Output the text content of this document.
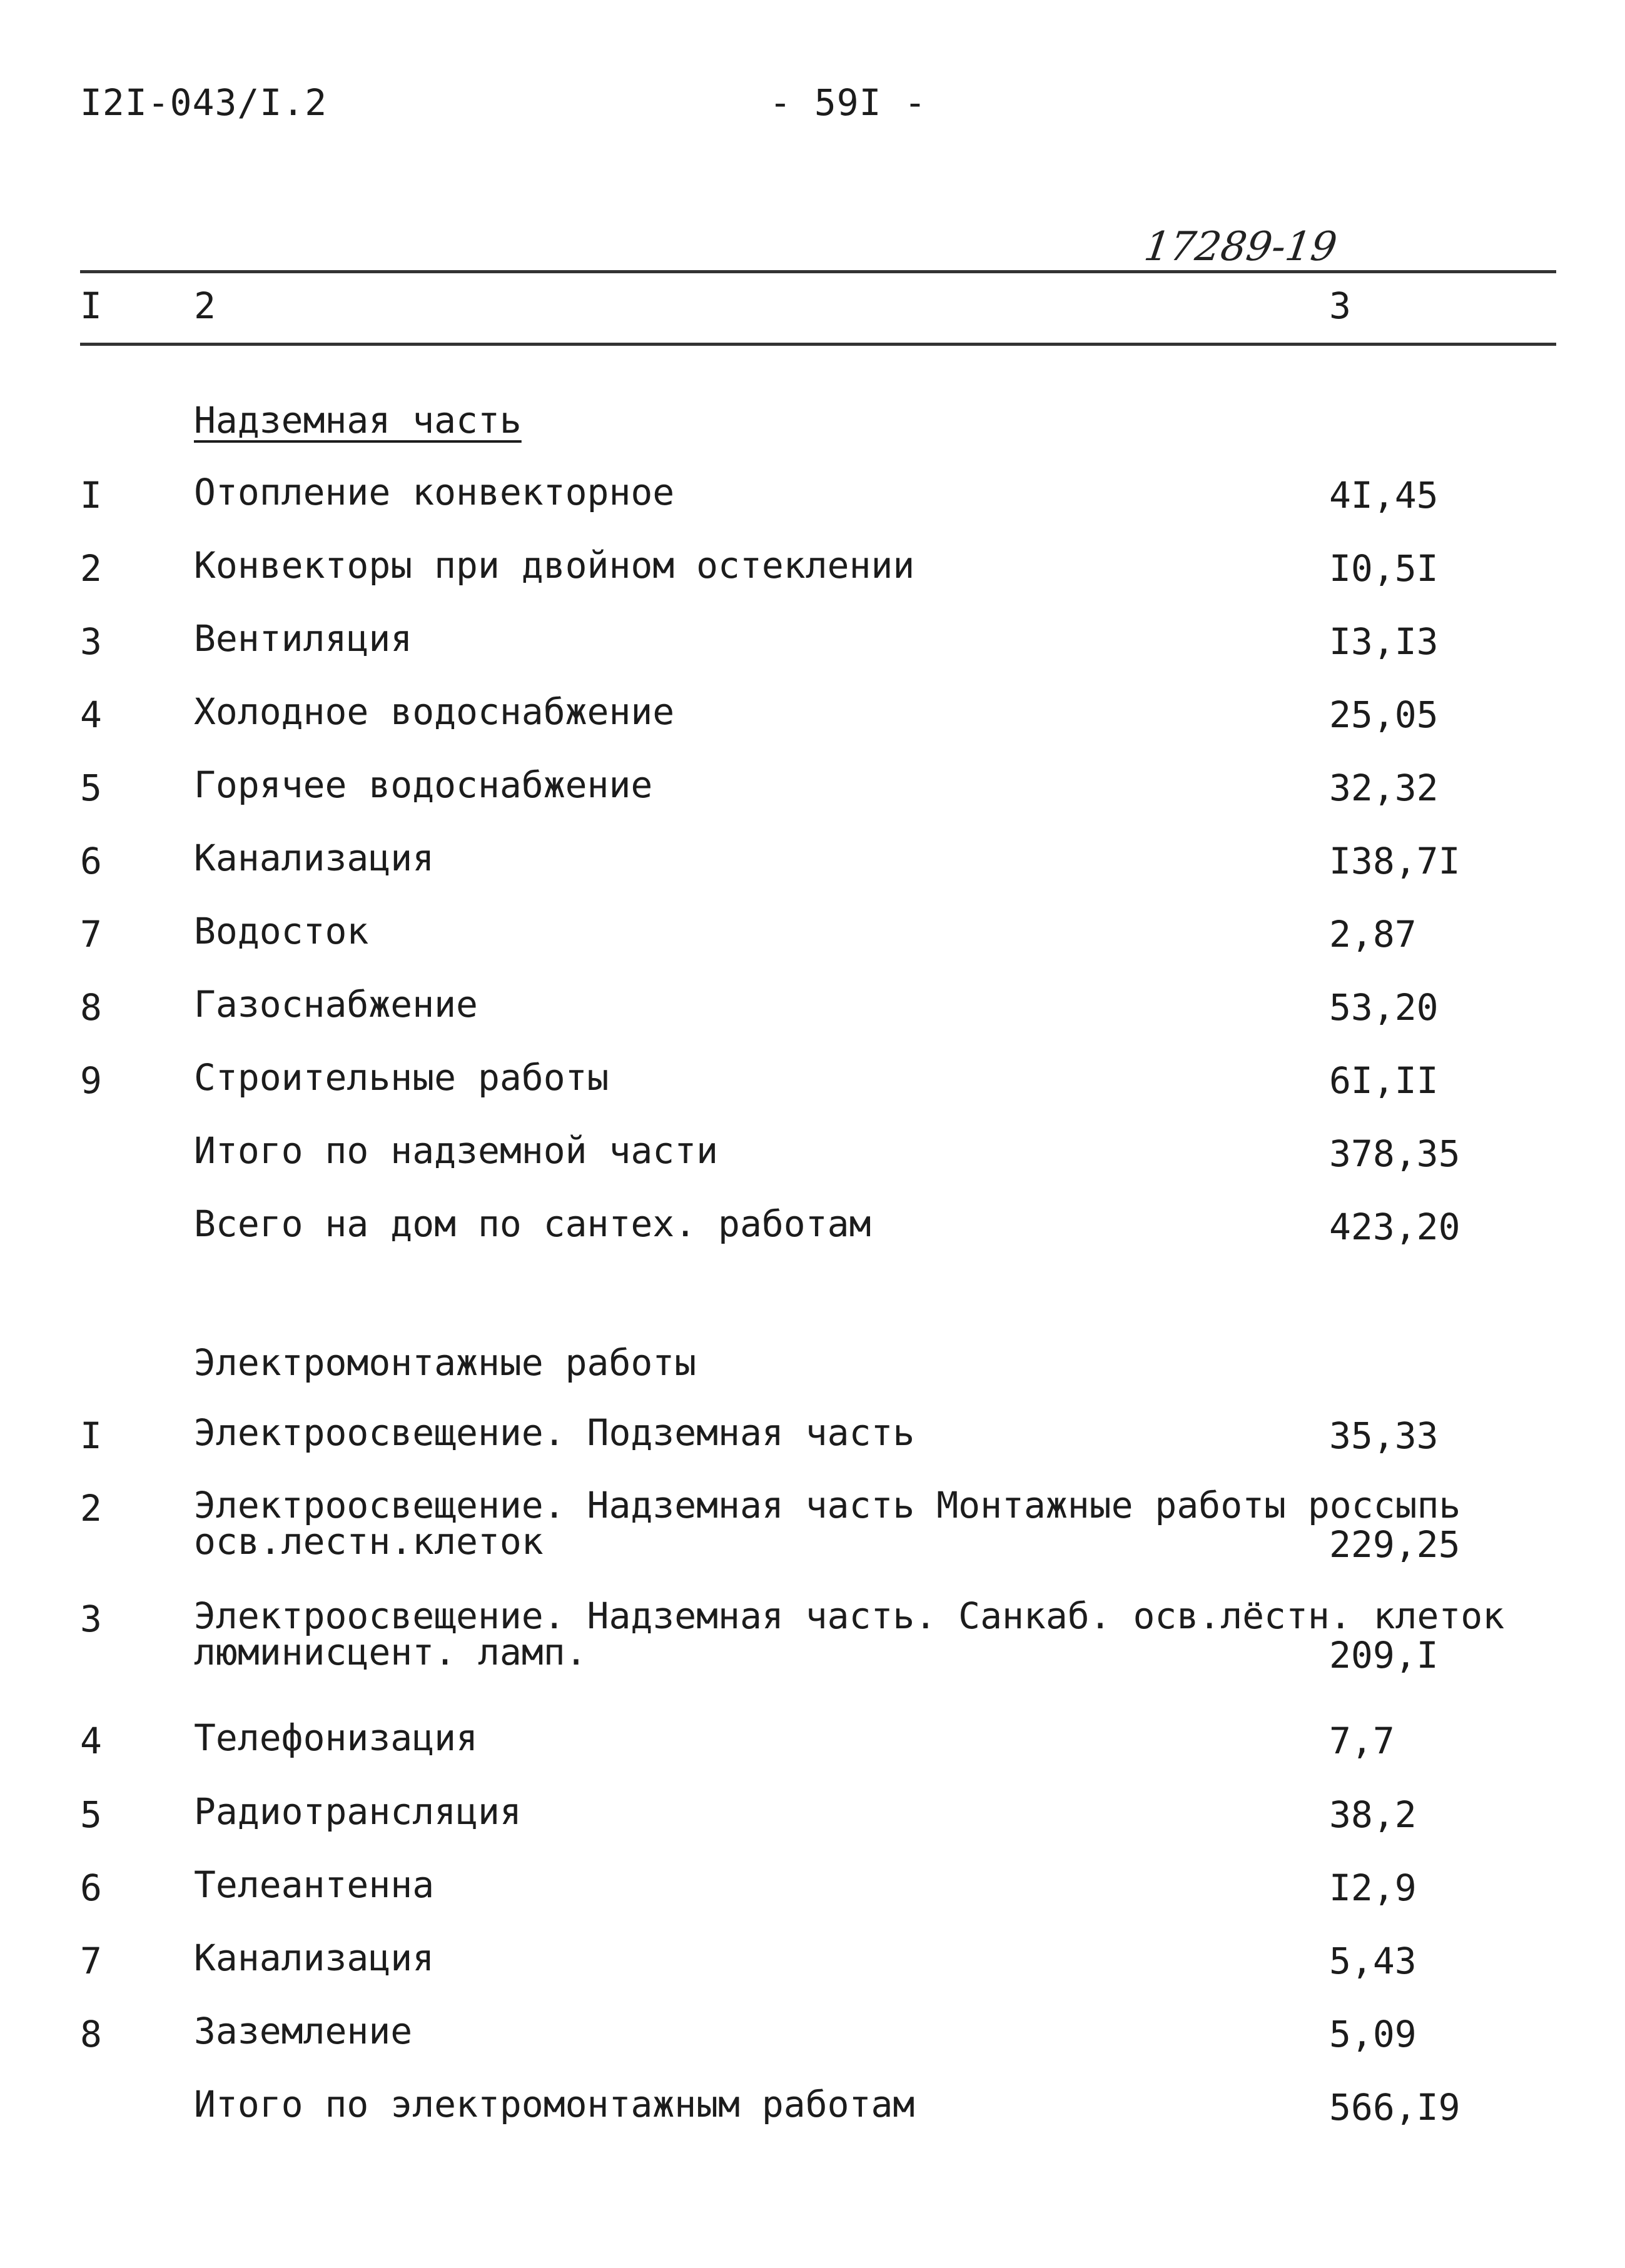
I2I-043/I.2	- 59I -
17289-19
I	2	3
Надземная часть
I	Отопление конвекторное	4I,45
2	Конвекторы при двойном остеклении	I0,5I
3	Вентиляция	I3,I3
4	Холодное водоснабжение	25,05
5	Горячее водоснабжение	32,32
6	Канализация	I38,7I
7	Водосток	2,87
8	Газоснабжение	53,20
9	Строительные работы	6I,II
Итого по надземной части	378,35
Всего на дом по сантех. работам	423,20
Электромонтажные работы
I	Электроосвещение. Подземная часть	35,33
2	Электроосвещение. Надземная часть Монтажные работы россыпь осв.лестн.клеток	229,25
3	Электроосвещение. Надземная часть. Санкаб. осв.лёстн. клеток люминисцент. ламп.	209,I
4	Телефонизация	7,7
5	Радиотрансляция	38,2
6	Телеантенна	I2,9
7	Канализация	5,43
8	Заземление	5,09
Итого по электромонтажным работам	566,I9
